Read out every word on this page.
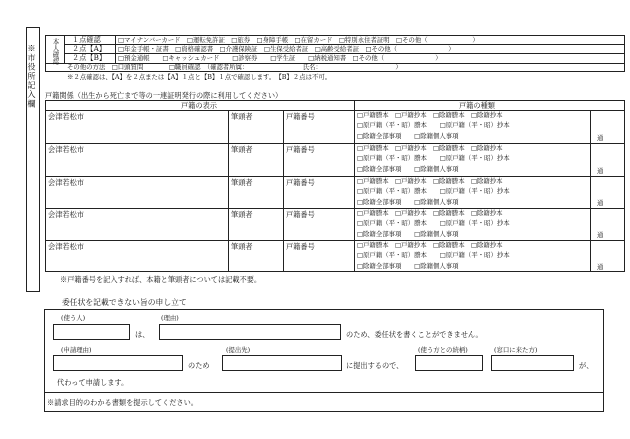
※市役所記入欄 本人確認 １点確認	□マイナンバーカード　□運転免許証　□旅券　□身障手帳　□在留カード　□特別永住者証明　□その他（　　　　　　　）
２点【A】 □年金手帳・証書　□資格確認書　□介護保険証　□生保受給者証　□高齢受給者証　□その他（　　　　　　　　）
２点【B】 □預金通帳　　□キャッシュカード　　□診察券　　□学生証　　□納税通知書　□その他（　　　　　　　　）
その他の方法　□口頭質問　　　　□職員確認　（確認者所属：　　　　　　　　　氏名：　　　　　　　　　　　　）
※２点確認は、【A】を２点または【A】１点と【B】１点で確認します。　【B】２点は不可。
戸籍関係（出生から死亡まで等の一連証明発行の際に利用してください）
戸籍の表示	戸籍の種類
会津若松市	筆頭者	戸籍番号	□戸籍謄本　□戸籍抄本　□除籍謄本　□除籍抄本
□原戸籍（平・昭）謄本　　□原戸籍（平・昭）抄本
□除籍全部事項　　□除籍個人事項	通
会津若松市	筆頭者	戸籍番号	□戸籍謄本　□戸籍抄本　□除籍謄本　□除籍抄本
□原戸籍（平・昭）謄本　　□原戸籍（平・昭）抄本
□除籍全部事項　　□除籍個人事項	通
会津若松市	筆頭者	戸籍番号	□戸籍謄本　□戸籍抄本　□除籍謄本　□除籍抄本
□原戸籍（平・昭）謄本　　□原戸籍（平・昭）抄本
□除籍全部事項　　□除籍個人事項	通
会津若松市	筆頭者	戸籍番号	□戸籍謄本　□戸籍抄本　□除籍謄本　□除籍抄本
□原戸籍（平・昭）謄本　　□原戸籍（平・昭）抄本
□除籍全部事項　　□除籍個人事項	通
会津若松市	筆頭者	戸籍番号	□戸籍謄本　□戸籍抄本　□除籍謄本　□除籍抄本
□原戸籍（平・昭）謄本　　□原戸籍（平・昭）抄本
□除籍全部事項　　□除籍個人事項	通
※戸籍番号を記入すれば、本籍と筆頭者については記載不要。
委任状を記載できない旨の申し立て
(使う人)
は、
(理由)
のため、委任状を書くことができません。
(申請理由)
のため
(提出先)
に提出するので、
(使う方との続柄)	(窓口に来た方)
が、
代わって申請します。
※請求目的のわかる書類を提示してください。
